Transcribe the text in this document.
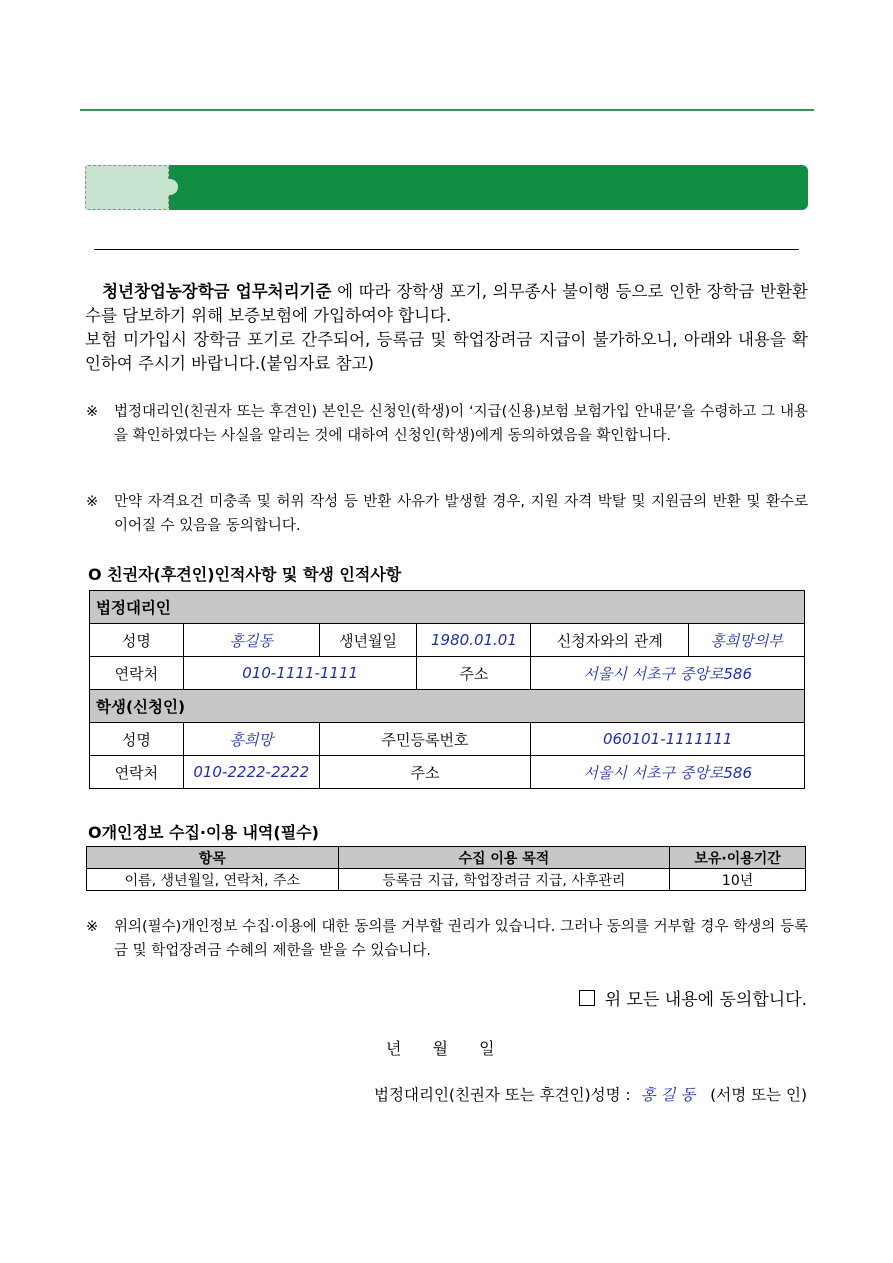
청년창업농장학금 업무처리기준 에 따라 장학생 포기, 의무종사 불이행 등으로 인한 장학금 반환환수를 담보하기 위해 보증보험에 가입하여야 합니다.
보험 미가입시 장학금 포기로 간주되어, 등록금 및 학업장려금 지급이 불가하오니, 아래와 내용을 확인하여 주시기 바랍니다.(붙임자료 참고)
※ 법정대리인(친권자 또는 후견인) 본인은 신청인(학생)이 ‘지급(신용)보험 보험가입 안내문’을 수령하고 그 내용을 확인하였다는 사실을 알리는 것에 대하여 신청인(학생)에게 동의하였음을 확인합니다.
※ 만약 자격요건 미충족 및 허위 작성 등 반환 사유가 발생할 경우, 지원 자격 박탈 및 지원금의 반환 및 환수로 이어질 수 있음을 동의합니다.
O 친권자(후견인)인적사항 및 학생 인적사항
법정대리인					
성명	홍길동	생년월일	1980.01.01	신청자와의 관계	홍희망의부
연락처	010-1111-1111		주소	서울시 서초구 중앙로586	
학생(신청인)					
성명	홍희망	주민등록번호		060101-1111111	
연락처	010-2222-2222	주소		서울시 서초구 중앙로586	
O개인정보 수집·이용 내역(필수)
항목	수집 이용 목적	보유·이용기간
이름, 생년월일, 연락처, 주소	등록금 지급, 학업장려금 지급, 사후관리	10년
※ 위의(필수)개인정보 수집·이용에 대한 동의를 거부할 권리가 있습니다. 그러나 동의를 거부할 경우 학생의 등록금 및 학업장려금 수혜의 제한을 받을 수 있습니다.
위 모든 내용에 동의합니다.
년 월 일
법정대리인(친권자 또는 후견인)성명 : 홍 길 동 (서명 또는 인)
